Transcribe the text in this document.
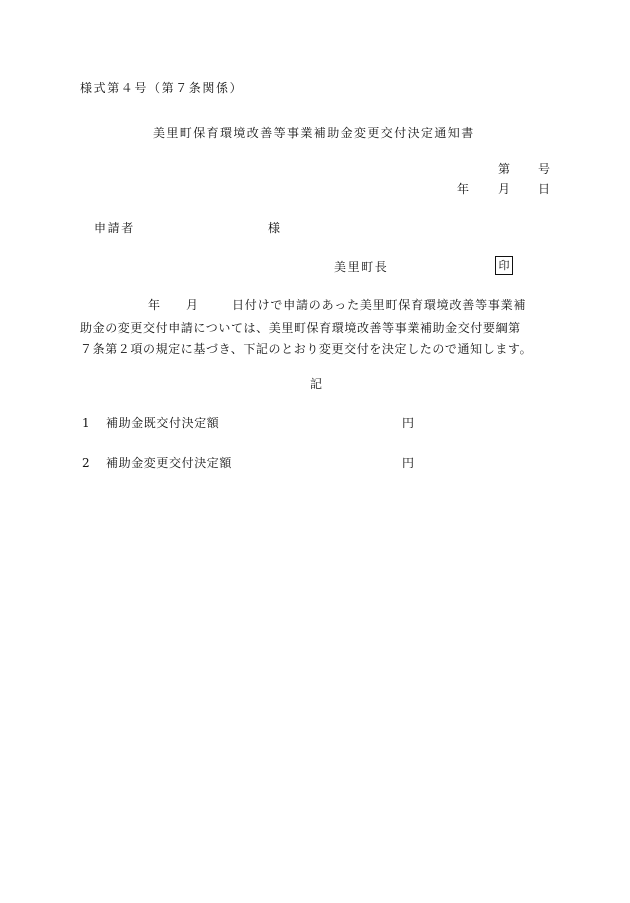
様式第４号（第７条関係）
美里町保育環境改善等事業補助金変更交付決定通知書
第 号
年 月 日
申請者	様
美里町長	印
年 月	日付けで申請のあった美里町保育環境改善等事業補
助金の変更交付申請については、美里町保育環境改善等事業補助金交付要綱第
７条第２項の規定に基づき、下記のとおり変更交付を決定したので通知します。
記
1 補助金既交付決定額	円
2 補助金変更交付決定額	円
